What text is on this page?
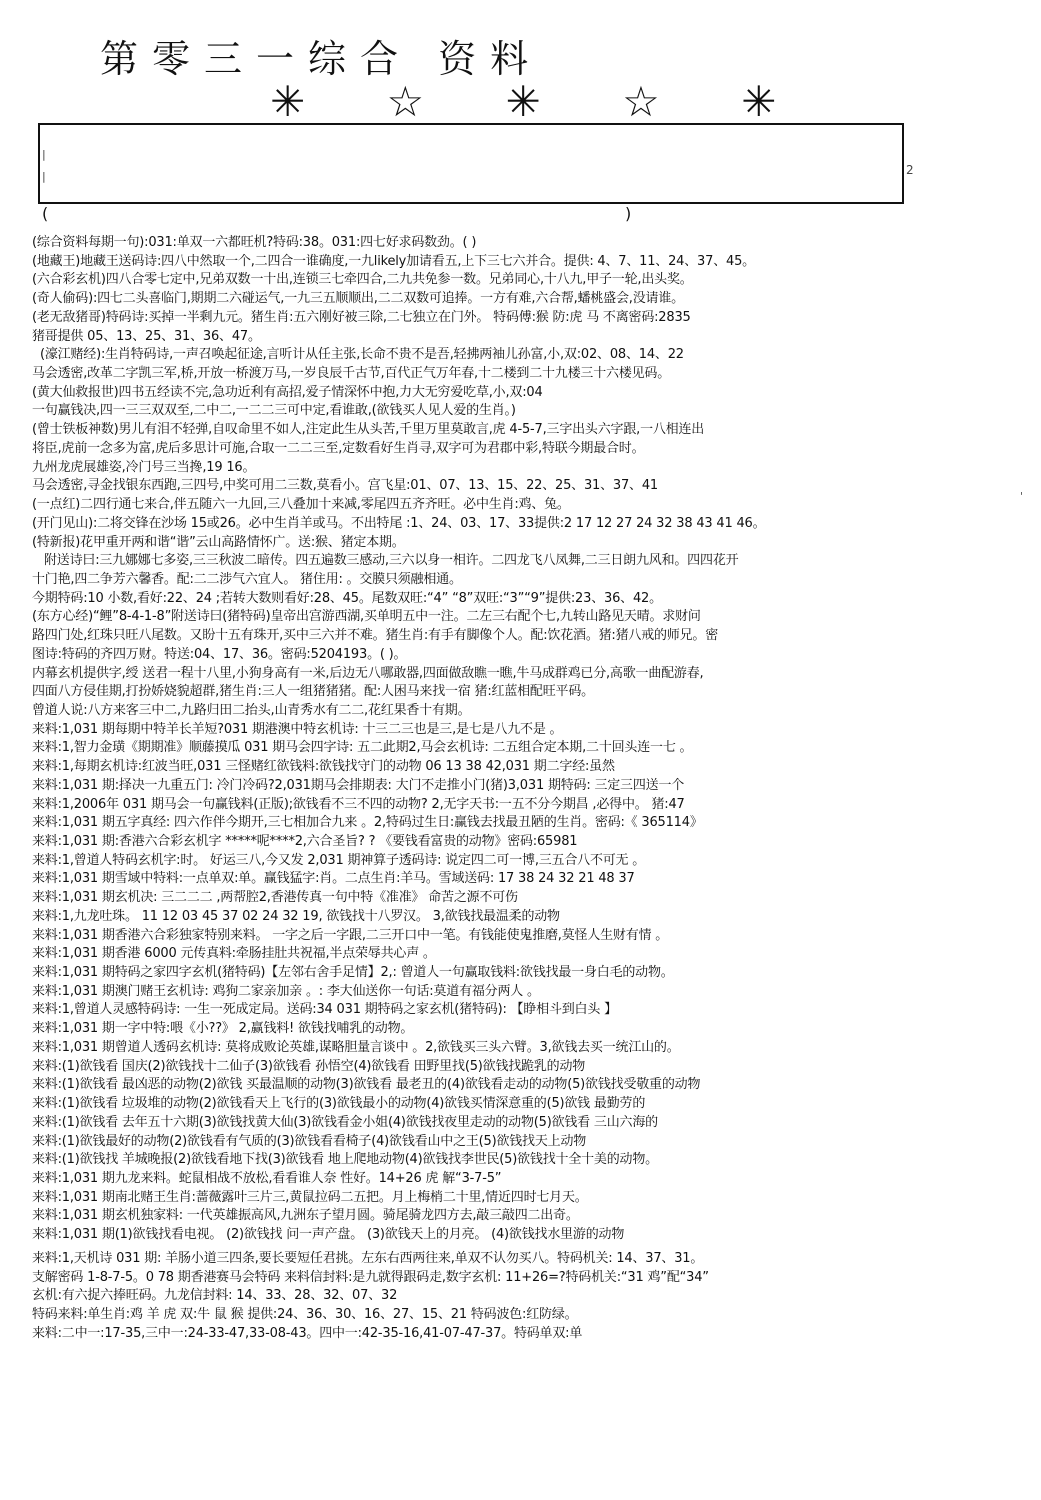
第零三一综合 资料
✳ ☆ ✳ ☆ ✳
|
|	2
(	)
(综合资料每期一句):031:单双一六都旺机?特码:38。031:四七好求码数劲。( )
(地藏王)地藏王送码诗:四八中然取一个,二四合一谁确度,一九likely加请看五,上下三七六并合。提供: 4、7、11、24、37、45。
(六合彩玄机)四八合零七定中,兄弟双数一十出,连锁三七牵四合,二九共免参一数。兄弟同心,十八九,甲子一轮,出头奖。
(奇人偷码):四七二头喜临门,期期二六碰运气,一九三五顺顺出,二二双数可追捧。一方有难,六合帮,蟠桃盛会,没请谁。
(老无敌猪哥)特码诗:买掉一半剩九元。猪生肖:五六刚好被三除,二七独立在门外。 特码傅:猴 防:虎 马 不离密码:2835
猪哥提供 05、13、25、31、36、47。
(濠江赌经):生肖特码诗,一声召唤起征途,言听计从任主张,长命不贵不是吾,轻拂两袖儿孙富,小,双:02、08、14、22
马会透密,改革二字凯三军,桥,开放一桥渡万马,一岁良辰千古节,百代正气万年春,十二楼到二十九楼三十六楼见码。
(黄大仙救报世)四书五经读不完,急功近利有高招,爱子情深怀中抱,力大无穷爱吃草,小,双:04
一句赢钱决,四一三三双双至,二中二,一二二三可中定,看谁敢,(欲钱买人见人爱的生肖。)
(曾士铁板神数)男儿有泪不轻弹,自叹命里不如人,注定此生从头苦,千里万里莫敢言,虎 4-5-7,三字出头六字跟,一八相连出
将臣,虎前一念多为富,虎后多思计可施,合取一二二三至,定数看好生肖寻,双字可为君郡中彩,特联今期最合时。
九州龙虎展雄姿,冷门号三当搀,19 16。
马会透密,寻金找银东西跑,三四号,中奖可用二三数,莫看小。宫飞星:01、07、13、15、22、25、31、37、41
(一点红)二四行通七来合,伴五随六一九回,三八叠加十来减,零尾四五齐齐旺。必中生肖:鸡、兔。
(开门见山):二将交锋在沙场 15或26。必中生肖羊或马。不出特尾 :1、24、03、17、33提供:2 17 12 27 24 32 38 43 41 46。
(特新报)花甲重开两和谐“谐”云山高路情怀广。送:猴、猪定本期。
附送诗曰:三九娜娜七多姿,三三秋波二暗传。四五遍数三感动,三六以身一相许。二四龙飞八凤舞,二三日朗九风和。四四花开
十门艳,四二争芳六馨香。配:二二涉气六宜人。 猪住用: 。交膜只须融相通。
今期特码:10 小数,看好:22、24 ;若转大数则看好:28、45。尾数双旺:“4” “8”双旺:“3”“9”提供:23、36、42。
(东方心经)“鲤”8-4-1-8”附送诗曰(猪特码)皇帝出宫游西湖,买单明五中一注。二左三右配个七,九转山路见天晴。求财问
路四门处,红珠只旺八尾数。又盼十五有珠开,买中三六并不难。猪生肖:有手有脚像个人。配:饮花酒。猪:猪八戒的师兄。密
图诗:特码的齐四万财。特送:04、17、36。密码:5204193。( )。
内幕玄机提供字,绶 送君一程十八里,小狗身高有一米,后边无八哪敢器,四面做敌瞧一瞧,牛马成群鸡已分,高歌一曲配游春,
四面八方侵佳期,打扮娇娆貌超群,猪生肖:三人一组猪猪猪。配:人困马来找一宿 猪:红蓝相配旺平码。
曾道人说:八方来客三中二,九路归田二抬头,山青秀水有二二,花红果香十有期。
来料:1,031 期每期中特羊长羊短?031 期港澳中特玄机诗: 十三二三也是三,是七是八九不是 。
来料:1,智力金璜《期期准》顺藤摸瓜 031 期马会四字诗: 五二此期2,马会玄机诗: 二五组合定本期,二十回头连一七 。
来料:1,每期玄机诗:红波当旺,031 三怪赌红欲钱料:欲钱找守门的动物 06 13 38 42,031 期二字经:虽然
来料:1,031 期:择决一九重五门: 冷门冷码?2,031期马会排期表: 大门不走推小门(猪)3,031 期特码: 三定三四送一个
来料:1,2006年 031 期马会一句赢钱料(正版);欲钱看不三不四的动物? 2,无字天书:一五不分今期昌 ,必得中。 猪:47
来料:1,031 期五字真经: 四六作伴今期开,三七相加合九来 。2,特码过生日:赢钱去找最丑陋的生肖。密码:《 365114》
来料:1,031 期:香港六合彩玄机字 *****呢****2,六合圣旨? ? 《要钱看富贵的动物》密码:65981
来料:1,曾道人特码玄机字:时。 好运三八,今又发 2,031 期神算子透码诗: 说定四二可一博,三五合八不可无 。
来料:1,031 期雪域中特料:一点单双:单。赢钱猛字:肖。二点生肖:羊马。雪域送码: 17 38 24 32 21 48 37
来料:1,031 期玄机决: 三二二二 ,两帮腔2,香港传真一句中特《准准》 命苦之源不可伤
来料:1,九龙吐珠。 11 12 03 45 37 02 24 32 19, 欲钱找十八罗汉。 3,欲钱找最温柔的动物
来料:1,031 期香港六合彩独家特别来料。 一字之后一字跟,二三开口中一笔。有钱能使鬼推磨,莫怪人生财有情 。
来料:1,031 期香港 6000 元传真料:牵肠挂肚共祝福,半点荣辱共心声 。
来料:1,031 期特码之家四字玄机(猪特码)【左邻右舍手足情】2,: 曾道人一句赢取钱料:欲钱找最一身白毛的动物。
来料:1,031 期澳门赌王玄机诗: 鸡狗二家亲加亲 。: 李大仙送你一句话:莫道有福分两人 。
来料:1,曾道人灵感特码诗: 一生一死成定局。送码:34 031 期特码之家玄机(猪特码): 【睁相斗到白头 】
来料:1,031 期一字中特:喂《小??》 2,赢钱料! 欲钱找哺乳的动物。
来料:1,031 期曾道人透码玄机诗: 莫将成败论英雄,谋略胆量言谈中 。2,欲钱买三头六臂。3,欲钱去买一统江山的。
来料:(1)欲钱看 国庆(2)欲钱找十二仙子(3)欲钱看 孙悟空(4)欲钱看 田野里找(5)欲钱找跪乳的动物
来料:(1)欲钱看 最凶恶的动物(2)欲钱 买最温顺的动物(3)欲钱看 最老丑的(4)欲钱看走动的动物(5)欲钱找受敬重的动物
来料:(1)欲钱看 垃圾堆的动物(2)欲钱看天上飞行的(3)欲钱最小的动物(4)欲钱买情深意重的(5)欲钱 最勤劳的
来料:(1)欲钱看 去年五十六期(3)欲钱找黄大仙(3)欲钱看金小姐(4)欲钱找夜里走动的动物(5)欲钱看 三山六海的
来料:(1)欲钱最好的动物(2)欲钱看有气质的(3)欲钱看看椅子(4)欲钱看山中之王(5)欲钱找天上动物
来料:(1)欲钱找 羊城晚报(2)欲钱看地下找(3)欲钱看 地上爬地动物(4)欲钱找李世民(5)欲钱找十全十美的动物。
来料:1,031 期九龙来料。蛇鼠相战不放松,看看谁人奈 性好。14+26 虎 解“3-7-5”
来料:1,031 期南北赌王生肖:蔷薇露叶三片三,黄鼠拉码二五把。月上梅梢二十里,情近四时七月天。
来料:1,031 期玄机独家料: 一代英雄振高风,九洲东子望月圆。骑尾骑龙四方去,敲三敲四二出奇。
来料:1,031 期(1)欲钱找看电视。 (2)欲钱找 问一声产盘。 (3)欲钱天上的月亮。 (4)欲钱找水里游的动物
来料:1,天机诗 031 期: 羊肠小道三四条,要长要短任君挑。左东右西两往来,单双不认勿买八。特码机关: 14、37、31。
支解密码 1-8-7-5。0 78 期香港赛马会特码 来料信封料:是九就得跟码走,数字玄机: 11+26=?特码机关:“31 鸡”配“34”
玄机:有六捉六捧旺码。九龙信封料: 14、33、28、32、07、32
特码来料:单生肖:鸡 羊 虎 双:牛 鼠 猴 提供:24、36、30、16、27、15、21 特码波色:红防绿。
来料:二中一:17-35,三中一:24-33-47,33-08-43。四中一:42-35-16,41-07-47-37。特码单双:单
'
